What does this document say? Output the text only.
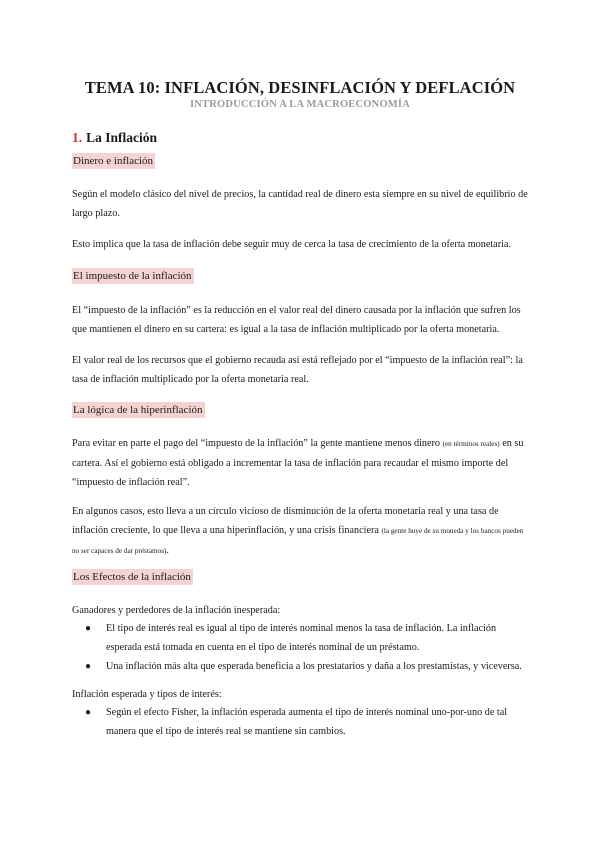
TEMA 10: INFLACIÓN, DESINFLACIÓN Y DEFLACIÓN
INTRODUCCIÓN A LA MACROECONOMÍA
1. La Inflación
Dinero e inflación
Según el modelo clásico del nivel de precios, la cantidad real de dinero esta siempre en su nivel de equilibrio de largo plazo.
Esto implica que la tasa de inflación debe seguir muy de cerca la tasa de crecimiento de la oferta monetaria.
El impuesto de la inflación
El “impuesto de la inflación” es la reducción en el valor real del dinero causada por la inflación que sufren los que mantienen el dinero en su cartera: es igual a la tasa de inflación multiplicado por la oferta monetaria.
El valor real de los recursos que el gobierno recauda así está reflejado por el “impuesto de la inflación real”: la tasa de inflación multiplicado por la oferta monetaria real.
La lógica de la hiperinflación
Para evitar en parte el pago del “impuesto de la inflación” la gente mantiene menos dinero (en términos reales) en su cartera. Así el gobierno está obligado a incrementar la tasa de inflación para recaudar el mismo importe del “impuesto de inflación real”.
En algunos casos, esto lleva a un círculo vicioso de disminución de la oferta monetaria real y una tasa de inflación creciente, lo que lleva a una hiperinflación, y una crisis financiera (la gente huye de su moneda y los bancos pueden no ser capaces de dar préstamos).
Los Efectos de la inflación
Ganadores y perdedores de la inflación inesperada:
● El tipo de interés real es igual al tipo de interés nominal menos la tasa de inflación. La inflación esperada está tomada en cuenta en el tipo de interés nominal de un préstamo.
● Una inflación más alta que esperada beneficia a los prestatarios y daña a los prestamistas, y viceversa.
Inflación esperada y tipos de interés:
● Según el efecto Fisher, la inflación esperada aumenta el tipo de interés nominal uno-por-uno de tal manera que el tipo de interés real se mantiene sin cambios.
